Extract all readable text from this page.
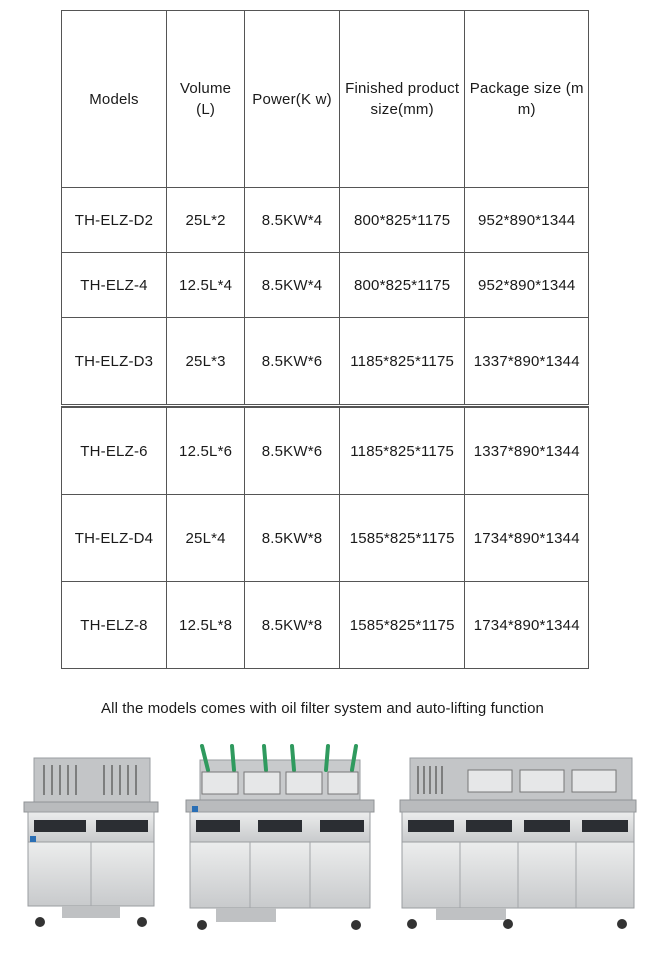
Models	Volume (L)	Power(K w)	Finished product size(mm)	Package size (mm)
TH-ELZ-D2	25L*2	8.5KW*4	800*825*1175	952*890*1344
TH-ELZ-4	12.5L*4	8.5KW*4	800*825*1175	952*890*1344
TH-ELZ-D3	25L*3	8.5KW*6	1185*825*1175	1337*890*1344

TH-ELZ-6	12.5L*6	8.5KW*6	1185*825*1175	1337*890*1344
TH-ELZ-D4	25L*4	8.5KW*8	1585*825*1175	1734*890*1344
TH-ELZ-8	12.5L*8	8.5KW*8	1585*825*1175	1734*890*1344
All the models comes with oil filter system and auto-lifting function
